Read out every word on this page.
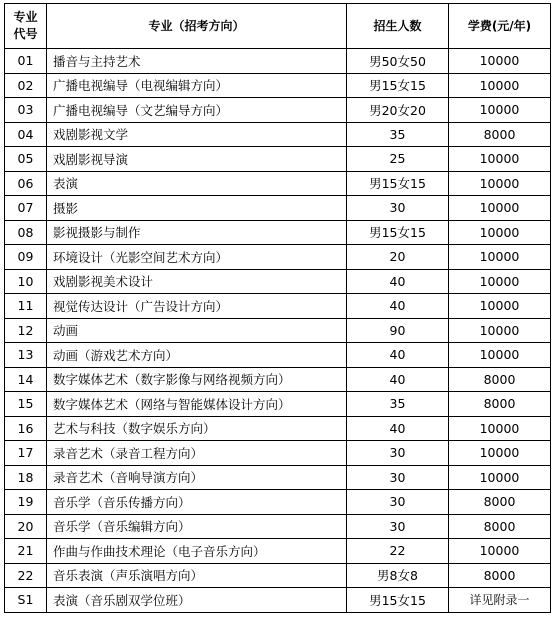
专业
代号	专业（招考方向）	招生人数	学费(元/年)
01	播音与主持艺术	男50女50	10000
02	广播电视编导（电视编辑方向）	男15女15	10000
03	广播电视编导（文艺编导方向）	男20女20	10000
04	戏剧影视文学	35	8000
05	戏剧影视导演	25	10000
06	表演	男15女15	10000
07	摄影	30	10000
08	影视摄影与制作	男15女15	10000
09	环境设计（光影空间艺术方向）	20	10000
10	戏剧影视美术设计	40	10000
11	视觉传达设计（广告设计方向）	40	10000
12	动画	90	10000
13	动画（游戏艺术方向）	40	10000
14	数字媒体艺术（数字影像与网络视频方向）	40	8000
15	数字媒体艺术（网络与智能媒体设计方向）	35	8000
16	艺术与科技（数字娱乐方向）	40	10000
17	录音艺术（录音工程方向）	30	10000
18	录音艺术（音响导演方向）	30	10000
19	音乐学（音乐传播方向）	30	8000
20	音乐学（音乐编辑方向）	30	8000
21	作曲与作曲技术理论（电子音乐方向）	22	10000
22	音乐表演（声乐演唱方向）	男8女8	8000
S1	表演（音乐剧双学位班）	男15女15	详见附录一
